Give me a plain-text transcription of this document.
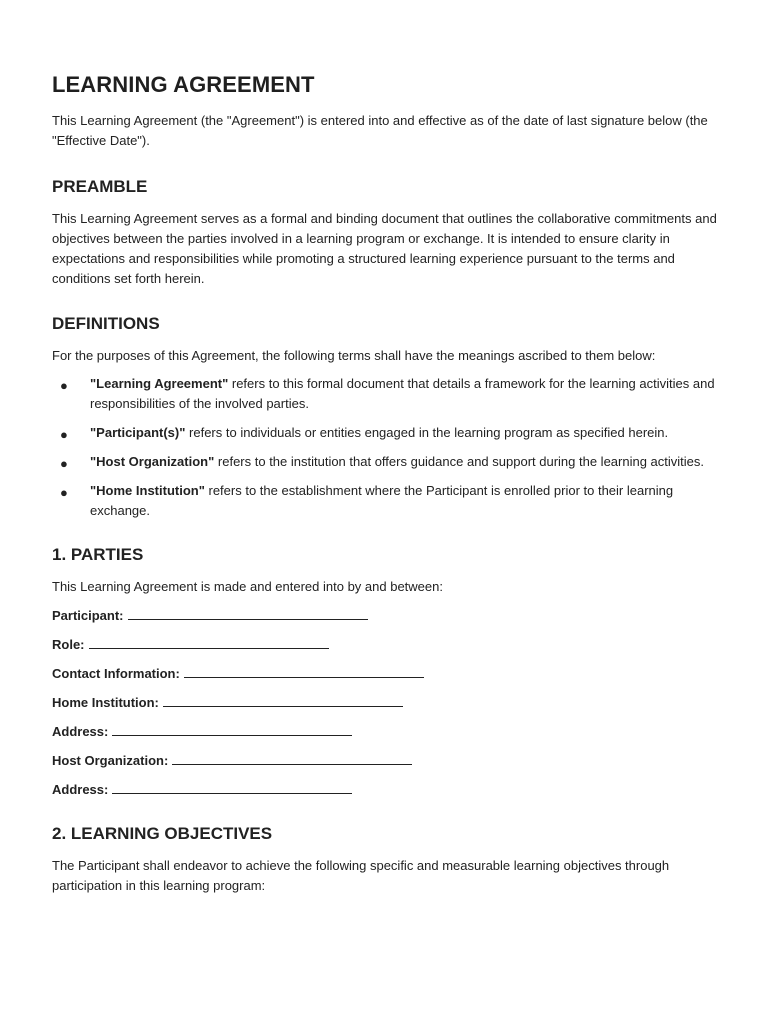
LEARNING AGREEMENT

This Learning Agreement (the "Agreement") is entered into and effective as of the date of last signature below (the "Effective Date").

PREAMBLE

This Learning Agreement serves as a formal and binding document that outlines the collaborative commitments and objectives between the parties involved in a learning program or exchange. It is intended to ensure clarity in expectations and responsibilities while promoting a structured learning experience pursuant to the terms and conditions set forth herein.

DEFINITIONS

For the purposes of this Agreement, the following terms shall have the meanings ascribed to them below:

● "Learning Agreement" refers to this formal document that details a framework for the learning activities and responsibilities of the involved parties.
● "Participant(s)" refers to individuals or entities engaged in the learning program as specified herein.
● "Host Organization" refers to the institution that offers guidance and support during the learning activities.
● "Home Institution" refers to the establishment where the Participant is enrolled prior to their learning exchange.
1. PARTIES

This Learning Agreement is made and entered into by and between:

Participant:
Role:
Contact Information:
Home Institution:
Address:
Host Organization:
Address:
2. LEARNING OBJECTIVES

The Participant shall endeavor to achieve the following specific and measurable learning objectives through participation in this learning program:
